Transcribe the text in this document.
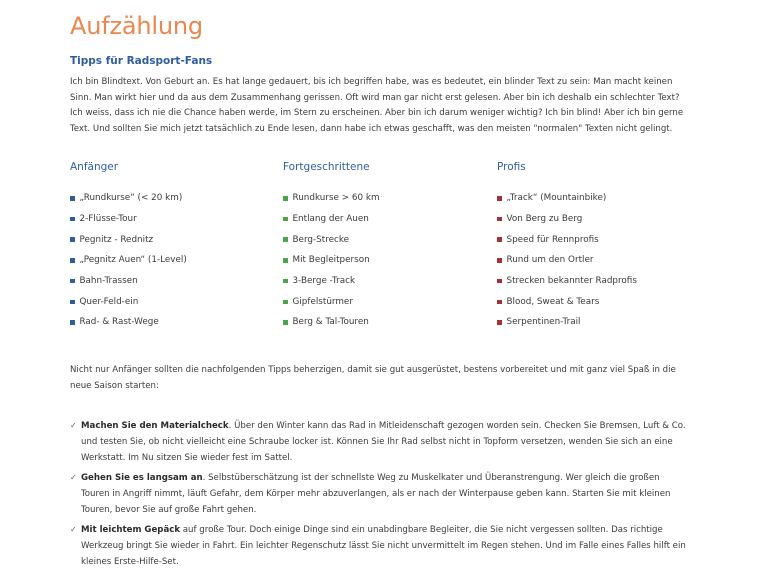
Aufzählung
Tipps für Radsport-Fans

Ich bin Blindtext. Von Geburt an. Es hat lange gedauert, bis ich begriffen habe, was es bedeutet, ein blinder Text zu sein: Man macht keinen Sinn. Man wirkt hier und da aus dem Zusammenhang gerissen. Oft wird man gar nicht erst gelesen. Aber bin ich deshalb ein schlechter Text? Ich weiss, dass ich nie die Chance haben werde, im Stern zu erscheinen. Aber bin ich darum weniger wichtig? Ich bin blind! Aber ich bin gerne Text. Und sollten Sie mich jetzt tatsächlich zu Ende lesen, dann habe ich etwas geschafft, was den meisten "normalen" Texten nicht gelingt.

Anfänger
„Rundkurse“ (< 20 km)
2-Flüsse-Tour
Pegnitz - Rednitz
„Pegnitz Auen“ (1-Level)
Bahn-Trassen
Quer-Feld-ein
Rad- & Rast-Wege
Fortgeschrittene
Rundkurse > 60 km
Entlang der Auen
Berg-Strecke
Mit Begleitperson
3-Berge -Track
Gipfelstürmer
Berg & Tal-Touren
Profis
„Track“ (Mountainbike)
Von Berg zu Berg
Speed für Rennprofis
Rund um den Ortler
Strecken bekannter Radprofis
Blood, Sweat & Tears
Serpentinen-Trail

Nicht nur Anfänger sollten die nachfolgenden Tipps beherzigen, damit sie gut ausgerüstet, bestens vorbereitet und mit ganz viel Spaß in die neue Saison starten:

✓ Machen Sie den Materialcheck. Über den Winter kann das Rad in Mitleidenschaft gezogen worden sein. Checken Sie Bremsen, Luft & Co. und testen Sie, ob nicht vielleicht eine Schraube locker ist. Können Sie Ihr Rad selbst nicht in Topform versetzen, wenden Sie sich an eine Werkstatt. Im Nu sitzen Sie wieder fest im Sattel.
✓ Gehen Sie es langsam an. Selbstüberschätzung ist der schnellste Weg zu Muskelkater und Überanstrengung. Wer gleich die großen Touren in Angriff nimmt, läuft Gefahr, dem Körper mehr abzuverlangen, als er nach der Winterpause geben kann. Starten Sie mit kleinen Touren, bevor Sie auf große Fahrt gehen.
✓ Mit leichtem Gepäck auf große Tour. Doch einige Dinge sind ein unabdingbare Begleiter, die Sie nicht vergessen sollten. Das richtige Werkzeug bringt Sie wieder in Fahrt. Ein leichter Regenschutz lässt Sie nicht unvermittelt im Regen stehen. Und im Falle eines Falles hilft ein kleines Erste-Hilfe-Set.
